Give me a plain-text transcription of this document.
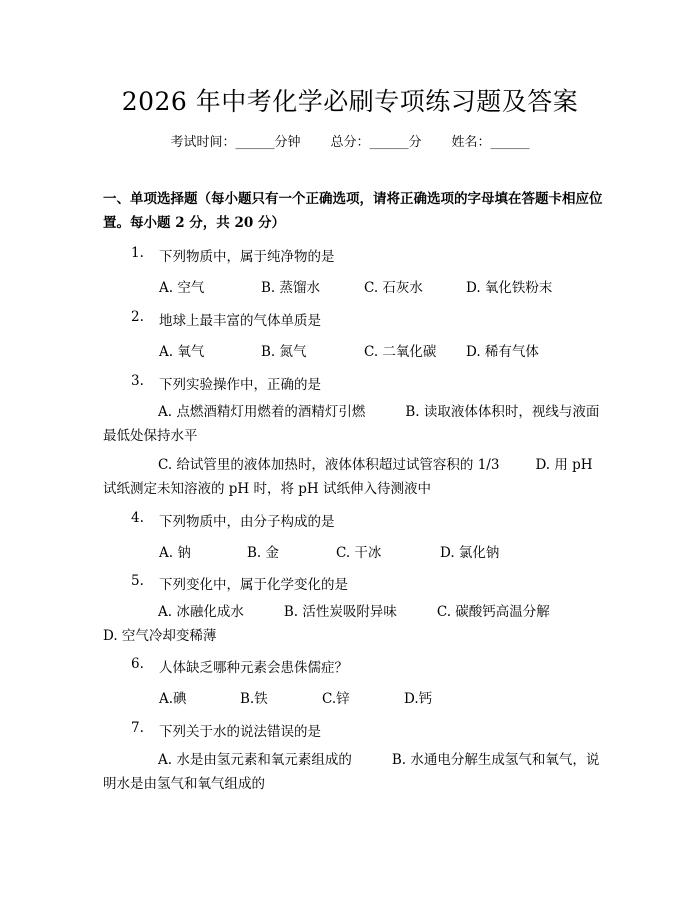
2026 年中考化学必刷专项练习题及答案
考试时间：______分钟 总分：______分 姓名：______
一、单项选择题（每小题只有一个正确选项，请将正确选项的字母填在答题卡相应位置。每小题 2 分，共 20 分）
1. 下列物质中，属于纯净物的是
A. 空气	B. 蒸馏水	C. 石灰水	D. 氧化铁粉末
2. 地球上最丰富的气体单质是
A. 氧气	B. 氮气	C. 二氧化碳 D. 稀有气体
3. 下列实验操作中，正确的是
A. 点燃酒精灯用燃着的酒精灯引燃	B. 读取液体体积时，视线与液面最低处保持水平
C. 给试管里的液体加热时，液体体积超过试管容积的 1/3	D. 用 pH 试纸测定未知溶液的 pH 时，将 pH 试纸伸入待测液中
4. 下列物质中，由分子构成的是
A. 钠	B. 金	C. 干冰	D. 氯化钠
5. 下列变化中，属于化学变化的是
A. 冰融化成水	B. 活性炭吸附异味	C. 碳酸钙高温分解D. 空气冷却变稀薄
6. 人体缺乏哪种元素会患侏儒症？
A.碘	B.铁	C.锌	D.钙
7. 下列关于水的说法错误的是
A. 水是由氢元素和氧元素组成的	B. 水通电分解生成氢气和氧气，说明水是由氢气和氧气组成的
